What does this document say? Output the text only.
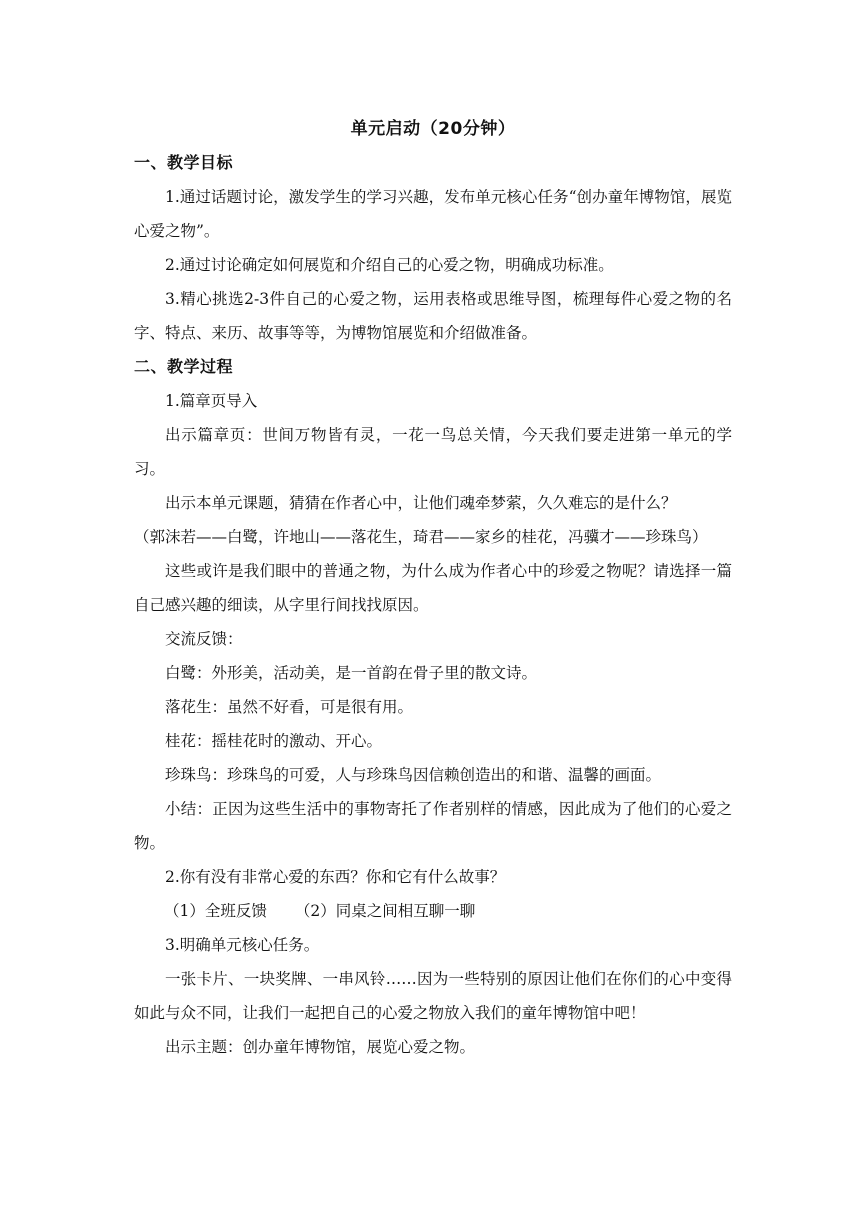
单元启动（20分钟）
一、教学目标

1.通过话题讨论，激发学生的学习兴趣，发布单元核心任务“创办童年博物馆，展览心爱之物”。

2.通过讨论确定如何展览和介绍自己的心爱之物，明确成功标准。

3.精心挑选2-3件自己的心爱之物，运用表格或思维导图，梳理每件心爱之物的名字、特点、来历、故事等等，为博物馆展览和介绍做准备。

二、教学过程

1.篇章页导入

出示篇章页：世间万物皆有灵，一花一鸟总关情，今天我们要走进第一单元的学习。

出示本单元课题，猜猜在作者心中，让他们魂牵梦萦，久久难忘的是什么？

（郭沫若——白鹭，许地山——落花生，琦君——家乡的桂花，冯骥才——珍珠鸟）

这些或许是我们眼中的普通之物，为什么成为作者心中的珍爱之物呢？请选择一篇自己感兴趣的细读，从字里行间找找原因。

交流反馈：

白鹭：外形美，活动美，是一首韵在骨子里的散文诗。

落花生：虽然不好看，可是很有用。

桂花：摇桂花时的激动、开心。

珍珠鸟：珍珠鸟的可爱，人与珍珠鸟因信赖创造出的和谐、温馨的画面。

小结：正因为这些生活中的事物寄托了作者别样的情感，因此成为了他们的心爱之物。

2.你有没有非常心爱的东西？你和它有什么故事？

（1）全班反馈 （2）同桌之间相互聊一聊

3.明确单元核心任务。

一张卡片、一块奖牌、一串风铃……因为一些特别的原因让他们在你们的心中变得如此与众不同，让我们一起把自己的心爱之物放入我们的童年博物馆中吧！

出示主题：创办童年博物馆，展览心爱之物。
